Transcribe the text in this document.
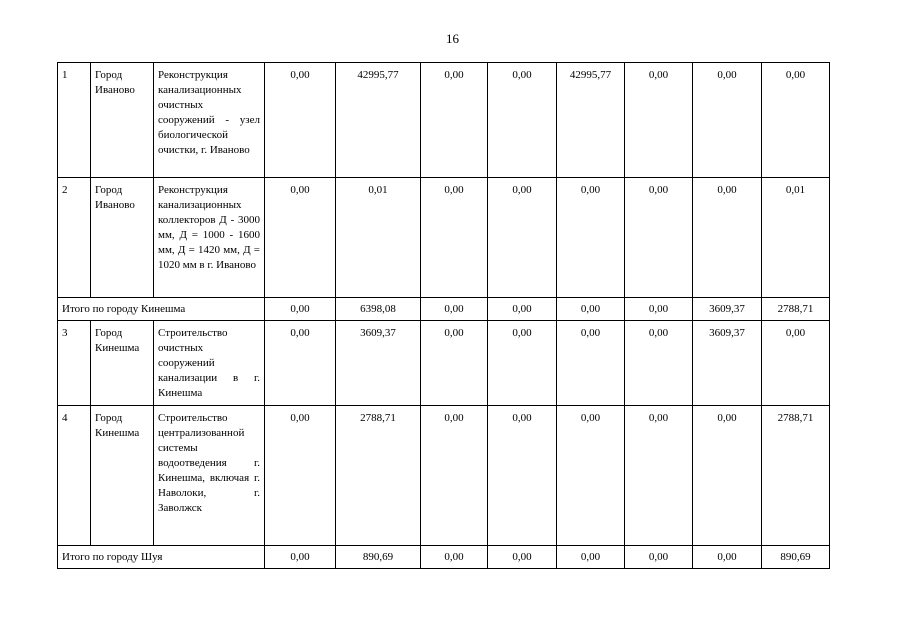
16
1	Город Иваново	Реконструкция канализационных очистных сооружений - узел биологической очистки, г. Иваново	0,00	42995,77	0,00	0,00	42995,77	0,00	0,00	0,00
2	Город Иваново	Реконструкция канализационных коллекторов Д - 3000 мм, Д = 1000 - 1600 мм, Д = 1420 мм, Д = 1020 мм в г. Иваново	0,00	0,01	0,00	0,00	0,00	0,00	0,00	0,01
Итого по городу Кинешма			0,00	6398,08	0,00	0,00	0,00	0,00	3609,37	2788,71
3	Город Кинешма	Строительство очистных сооружений канализации в г. Кинешма	0,00	3609,37	0,00	0,00	0,00	0,00	3609,37	0,00
4	Город Кинешма	Строительство централизованной системы водоотведения г. Кинешма, включая г. Наволоки, г. Заволжск	0,00	2788,71	0,00	0,00	0,00	0,00	0,00	2788,71
Итого по городу Шуя			0,00	890,69	0,00	0,00	0,00	0,00	0,00	890,69
